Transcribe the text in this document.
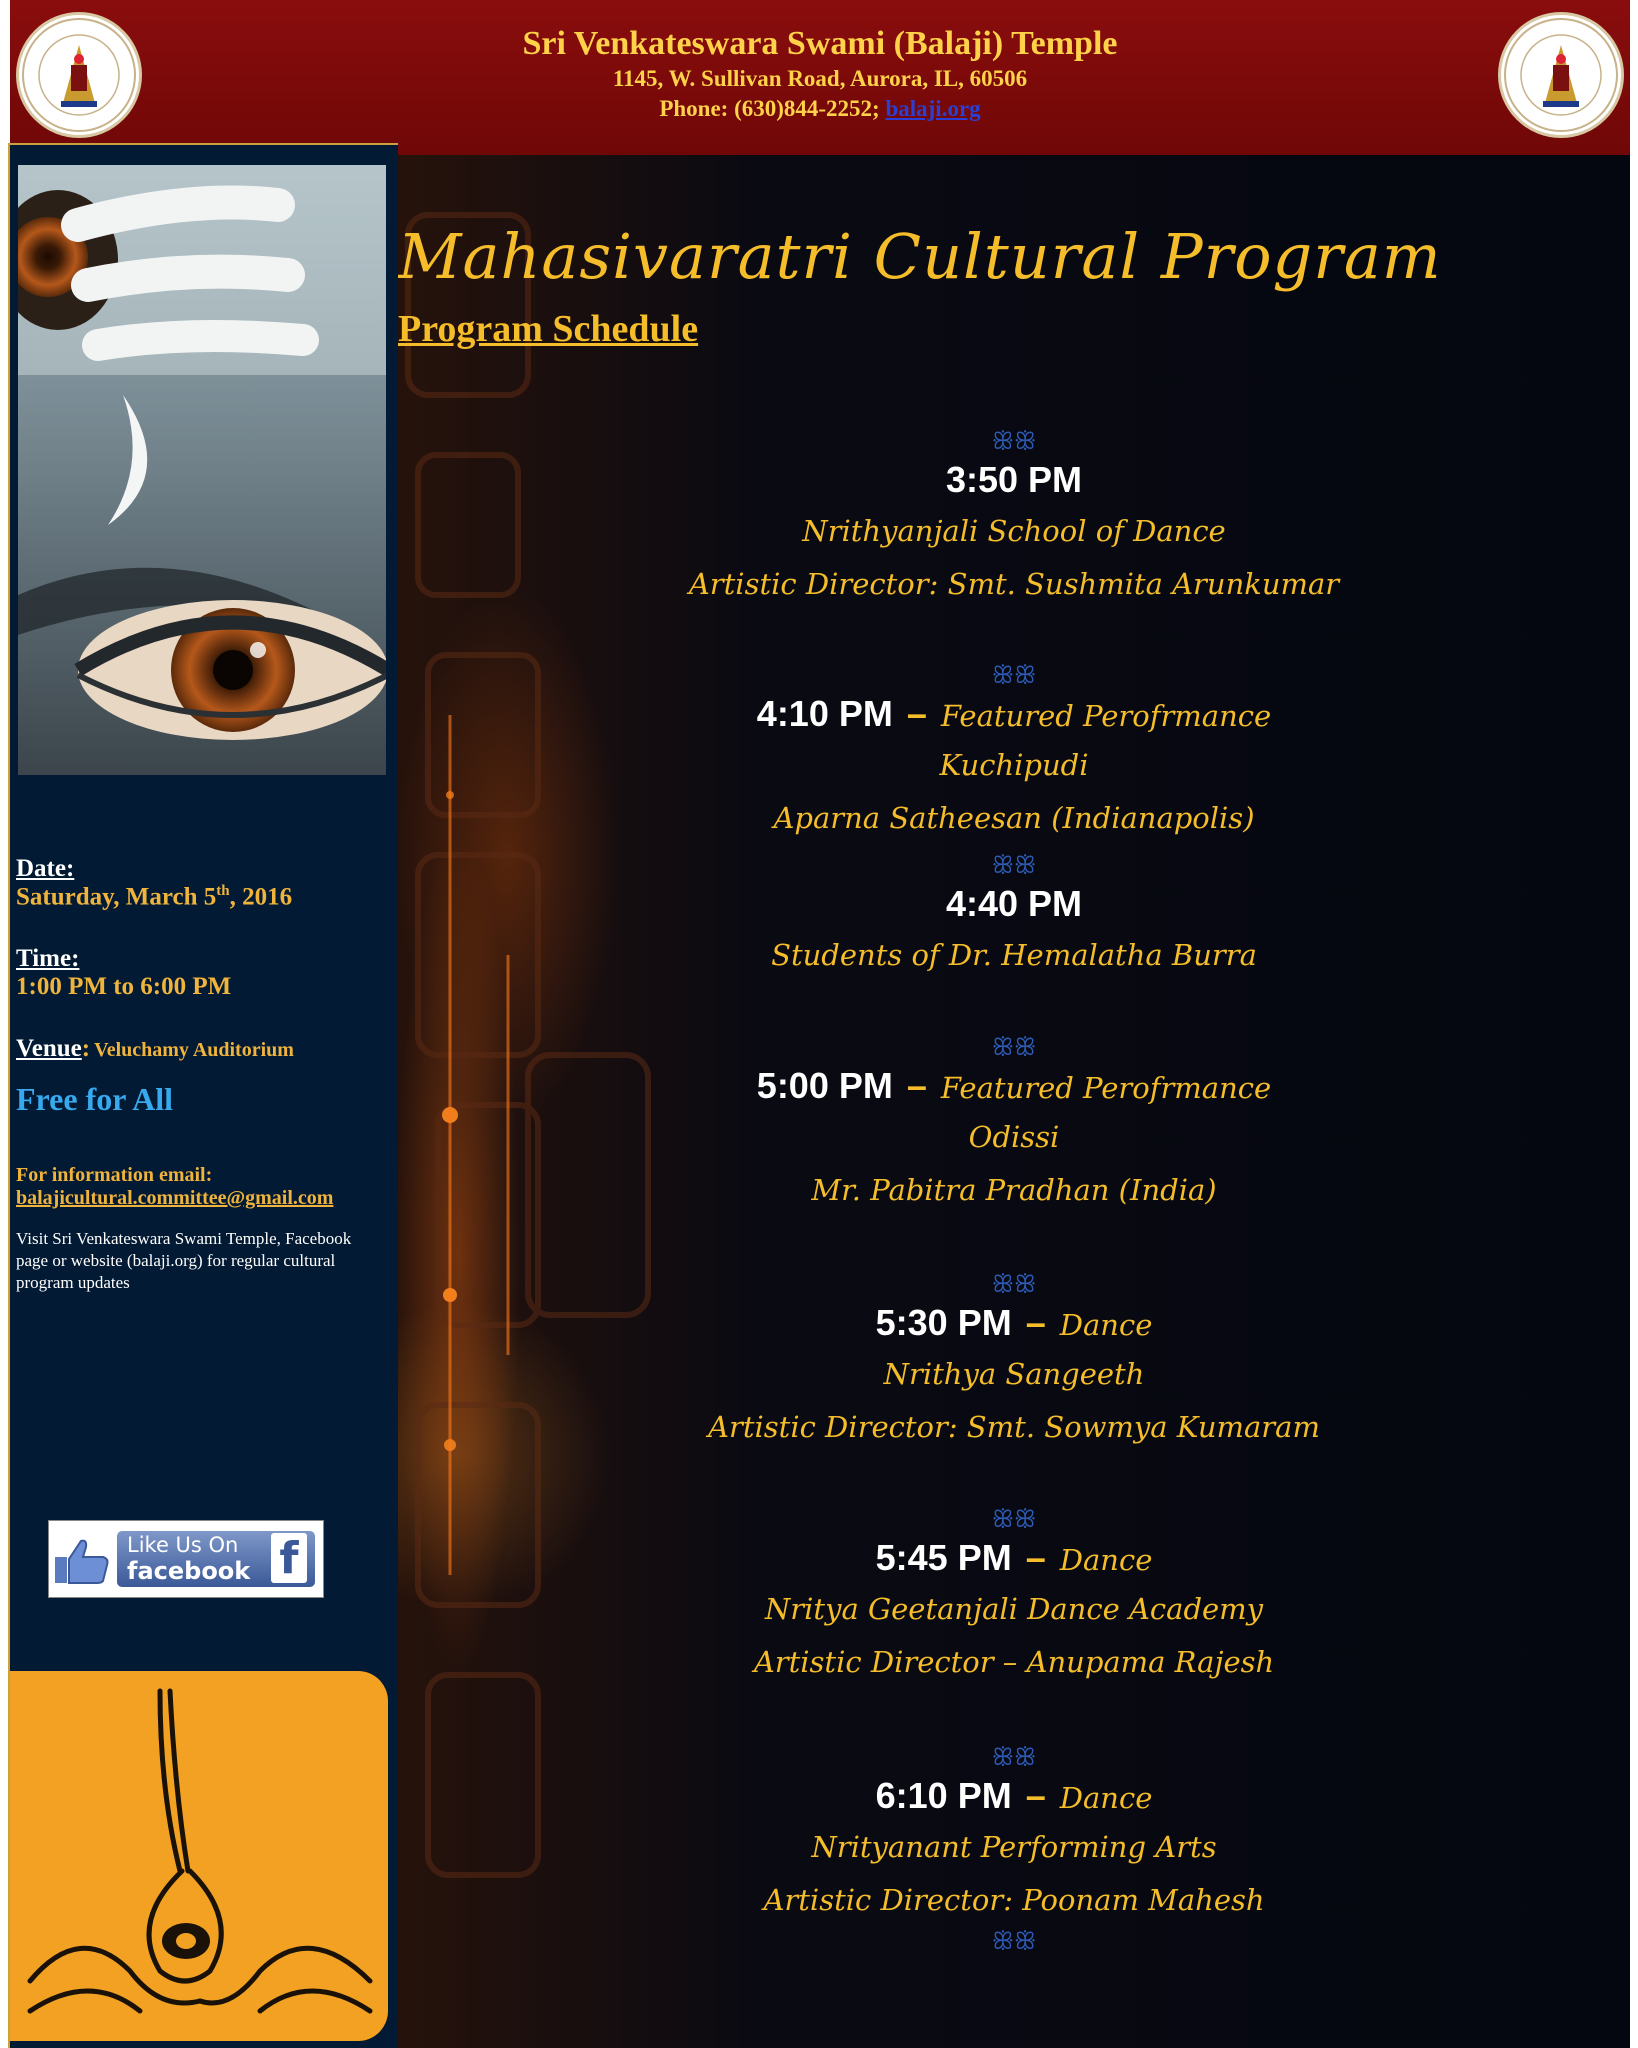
Sri Venkateswara Swami (Balaji) Temple
1145, W. Sullivan Road, Aurora, IL, 60506
Phone: (630)844-2252; balaji.org
Date:
Saturday, March 5th, 2016
Time:
1:00 PM to 6:00 PM
Venue: Veluchamy Auditorium
Free for All
For information email:
balajicultural.committee@gmail.com
Visit Sri Venkateswara Swami Temple, Facebook page or website (balaji.org) for regular cultural program updates
Like Us On
facebook f
Mahasivaratri Cultural Program
Program Schedule
ꕥꕥ
3:50 PM
Nrithyanjali School of Dance
Artistic Director: Smt. Sushmita Arunkumar
ꕥꕥ
4:10 PM – Featured Perofrmance
Kuchipudi
Aparna Satheesan (Indianapolis)
ꕥꕥ
4:40 PM
Students of Dr. Hemalatha Burra
ꕥꕥ
5:00 PM – Featured Perofrmance
Odissi
Mr. Pabitra Pradhan (India)
ꕥꕥ
5:30 PM – Dance
Nrithya Sangeeth
Artistic Director: Smt. Sowmya Kumaram
ꕥꕥ
5:45 PM – Dance
Nritya Geetanjali Dance Academy
Artistic Director – Anupama Rajesh
ꕥꕥ
6:10 PM – Dance
Nrityanant Performing Arts
Artistic Director: Poonam Mahesh
ꕥꕥ
